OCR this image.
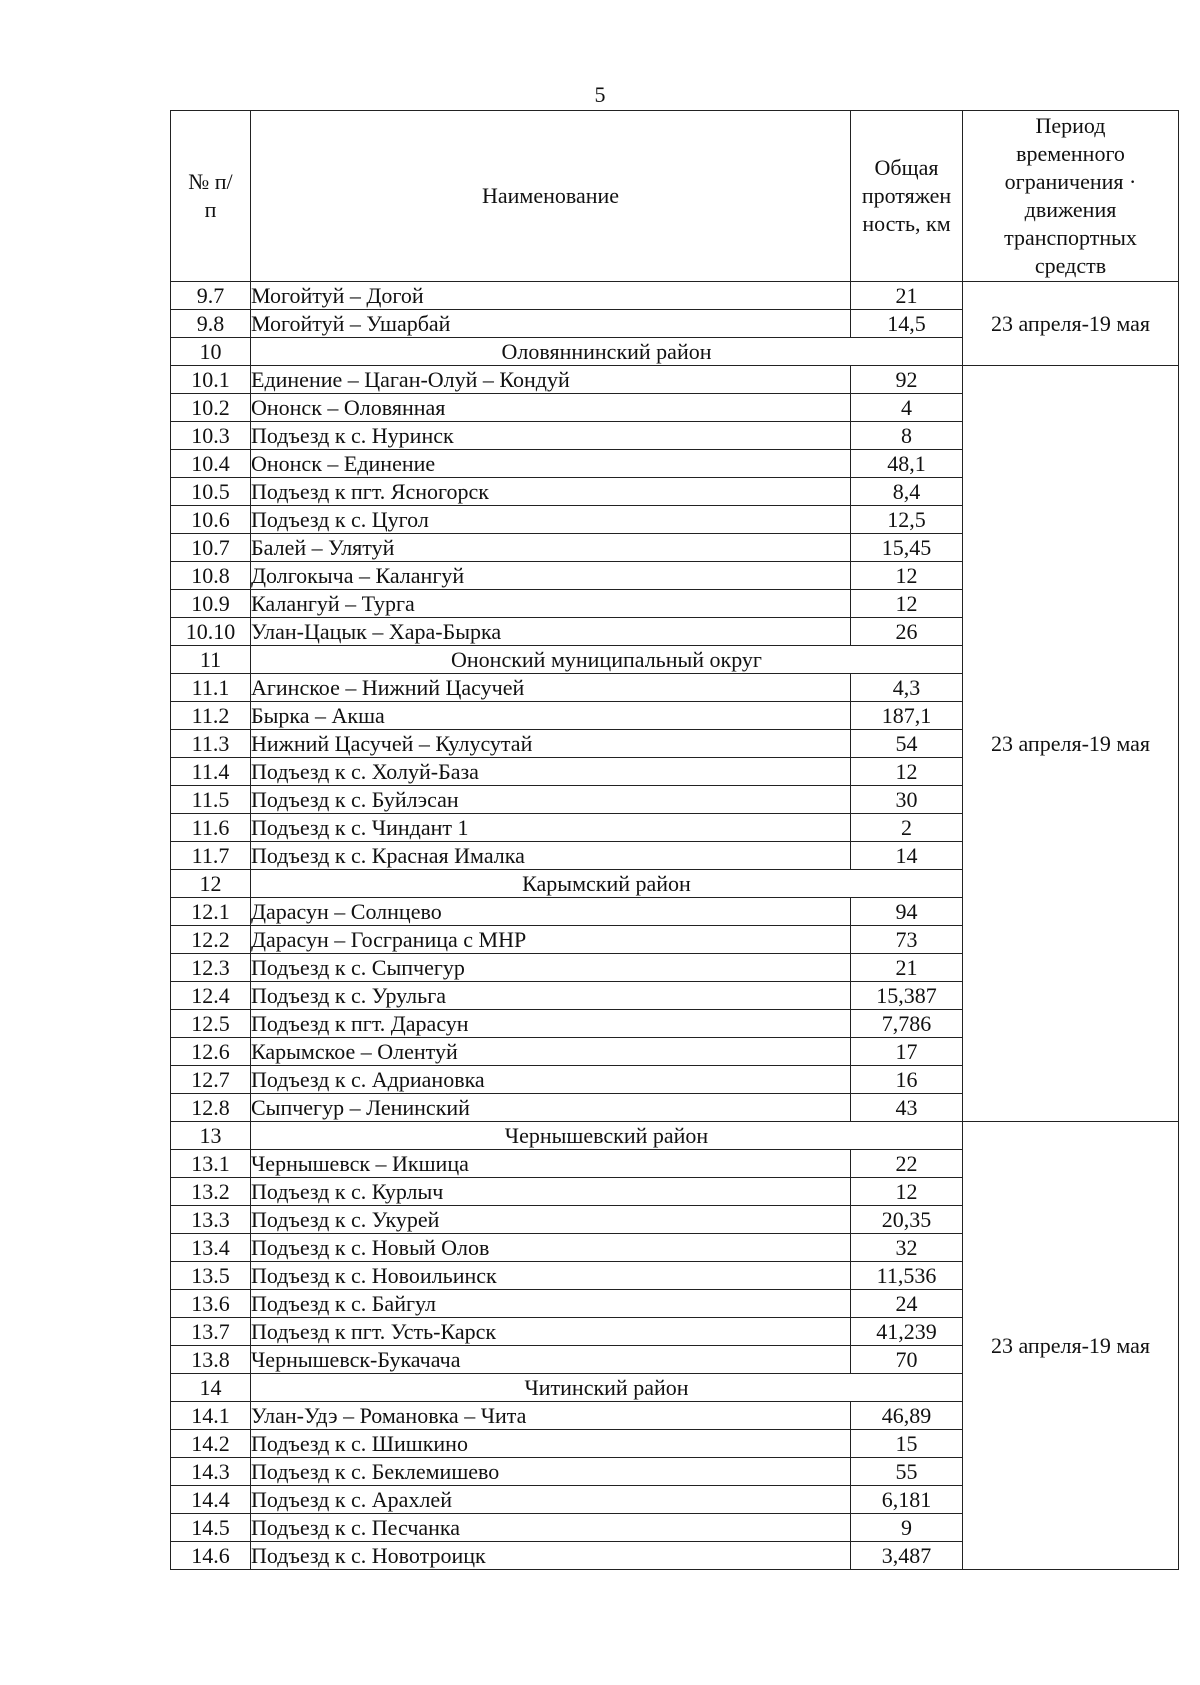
5
№ п/п	Наименование	Общая протяжен ность, км	Период временного ограничения · движения транспортных средств
9.7	Могойтуй – Догой	21	23 апреля-19 мая
9.8	Могойтуй – Ушарбай	14,5	
10	Оловяннинский район		
10.1	Единение – Цаган-Олуй – Кондуй	92	23 апреля-19 мая
10.2	Ононск – Оловянная	4	
10.3	Подъезд к с. Нуринск	8	
10.4	Ононск – Единение	48,1	
10.5	Подъезд к пгт. Ясногорск	8,4	
10.6	Подъезд к с. Цугол	12,5	
10.7	Балей – Улятуй	15,45	
10.8	Долгокыча – Калангуй	12	
10.9	Калангуй – Турга	12	
10.10	Улан-Цацык – Хара-Бырка	26	
11	Ононский муниципальный округ		
11.1	Агинское – Нижний Цасучей	4,3	
11.2	Бырка – Акша	187,1	
11.3	Нижний Цасучей – Кулусутай	54	
11.4	Подъезд к с. Холуй-База	12	
11.5	Подъезд к с. Буйлэсан	30	
11.6	Подъезд к с. Чиндант 1	2	
11.7	Подъезд к с. Красная Ималка	14	
12	Карымский район		
12.1	Дарасун – Солнцево	94	
12.2	Дарасун – Госграница с МНР	73	
12.3	Подъезд к с. Сыпчегур	21	
12.4	Подъезд к с. Урульга	15,387	
12.5	Подъезд к пгт. Дарасун	7,786	
12.6	Карымское – Олентуй	17	
12.7	Подъезд к с. Адриановка	16	
12.8	Сыпчегур – Ленинский	43	
13	Чернышевский район		23 апреля-19 мая
13.1	Чернышевск – Икшица	22	
13.2	Подъезд к с. Курлыч	12	
13.3	Подъезд к с. Укурей	20,35	
13.4	Подъезд к с. Новый Олов	32	
13.5	Подъезд к с. Новоильинск	11,536	
13.6	Подъезд к с. Байгул	24	
13.7	Подъезд к пгт. Усть-Карск	41,239	
13.8	Чернышевск-Букачача	70	
14	Читинский район		
14.1	Улан-Удэ – Романовка – Чита	46,89	
14.2	Подъезд к с. Шишкино	15	
14.3	Подъезд к с. Беклемишево	55	
14.4	Подъезд к с. Арахлей	6,181	
14.5	Подъезд к с. Песчанка	9	
14.6	Подъезд к с. Новотроицк	3,487	
